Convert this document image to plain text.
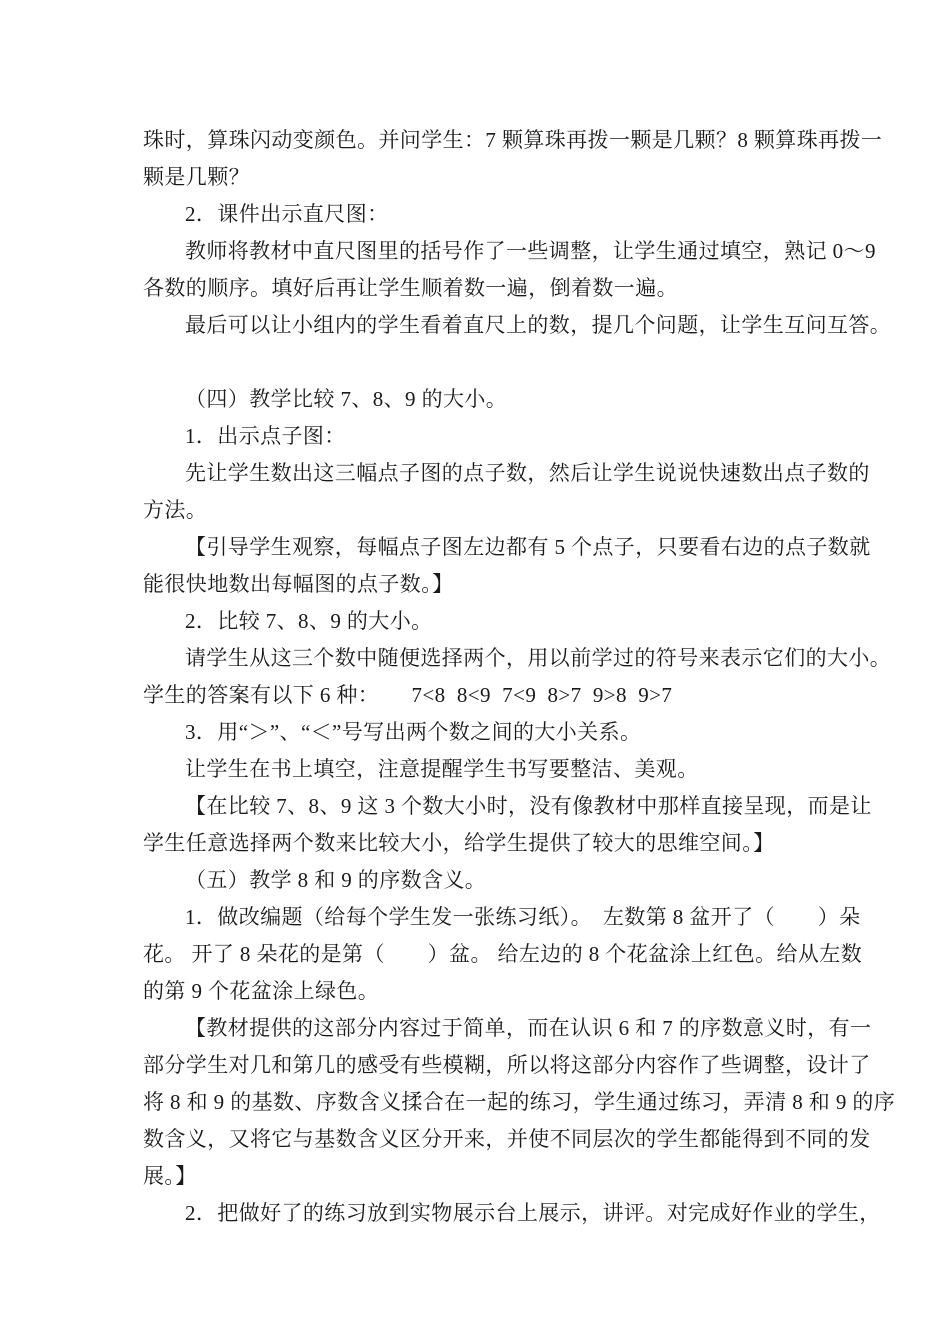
珠时，算珠闪动变颜色。并问学生：7 颗算珠再拨一颗是几颗？8 颗算珠再拨一
颗是几颗？
2．课件出示直尺图：
教师将教材中直尺图里的括号作了一些调整，让学生通过填空，熟记 0～9
各数的顺序。填好后再让学生顺着数一遍，倒着数一遍。
最后可以让小组内的学生看着直尺上的数，提几个问题，让学生互问互答。
（四）教学比较 7、8、9 的大小。
1．出示点子图：
先让学生数出这三幅点子图的点子数，然后让学生说说快速数出点子数的
方法。
【引导学生观察，每幅点子图左边都有 5 个点子，只要看右边的点子数就
能很快地数出每幅图的点子数。】
2．比较 7、8、9 的大小。
请学生从这三个数中随便选择两个，用以前学过的符号来表示它们的大小。
学生的答案有以下 6 种：　　7<8  8<9  7<9  8>7  9>8  9>7
3．用“＞”、“＜”号写出两个数之间的大小关系。
让学生在书上填空，注意提醒学生书写要整洁、美观。
【在比较 7、8、9 这 3 个数大小时，没有像教材中那样直接呈现，而是让
学生任意选择两个数来比较大小，给学生提供了较大的思维空间。】
（五）教学 8 和 9 的序数含义。
1．做改编题（给每个学生发一张练习纸）。　左数第 8 盆开了（　　）朵
花。 开了 8 朵花的是第（　　）盆。 给左边的 8 个花盆涂上红色。给从左数
的第 9 个花盆涂上绿色。
【教材提供的这部分内容过于简单，而在认识 6 和 7 的序数意义时，有一
部分学生对几和第几的感受有些模糊，所以将这部分内容作了些调整，设计了
将 8 和 9 的基数、序数含义揉合在一起的练习，学生通过练习，弄清 8 和 9 的序
数含义，又将它与基数含义区分开来，并使不同层次的学生都能得到不同的发
展。】
2．把做好了的练习放到实物展示台上展示，讲评。对完成好作业的学生，
